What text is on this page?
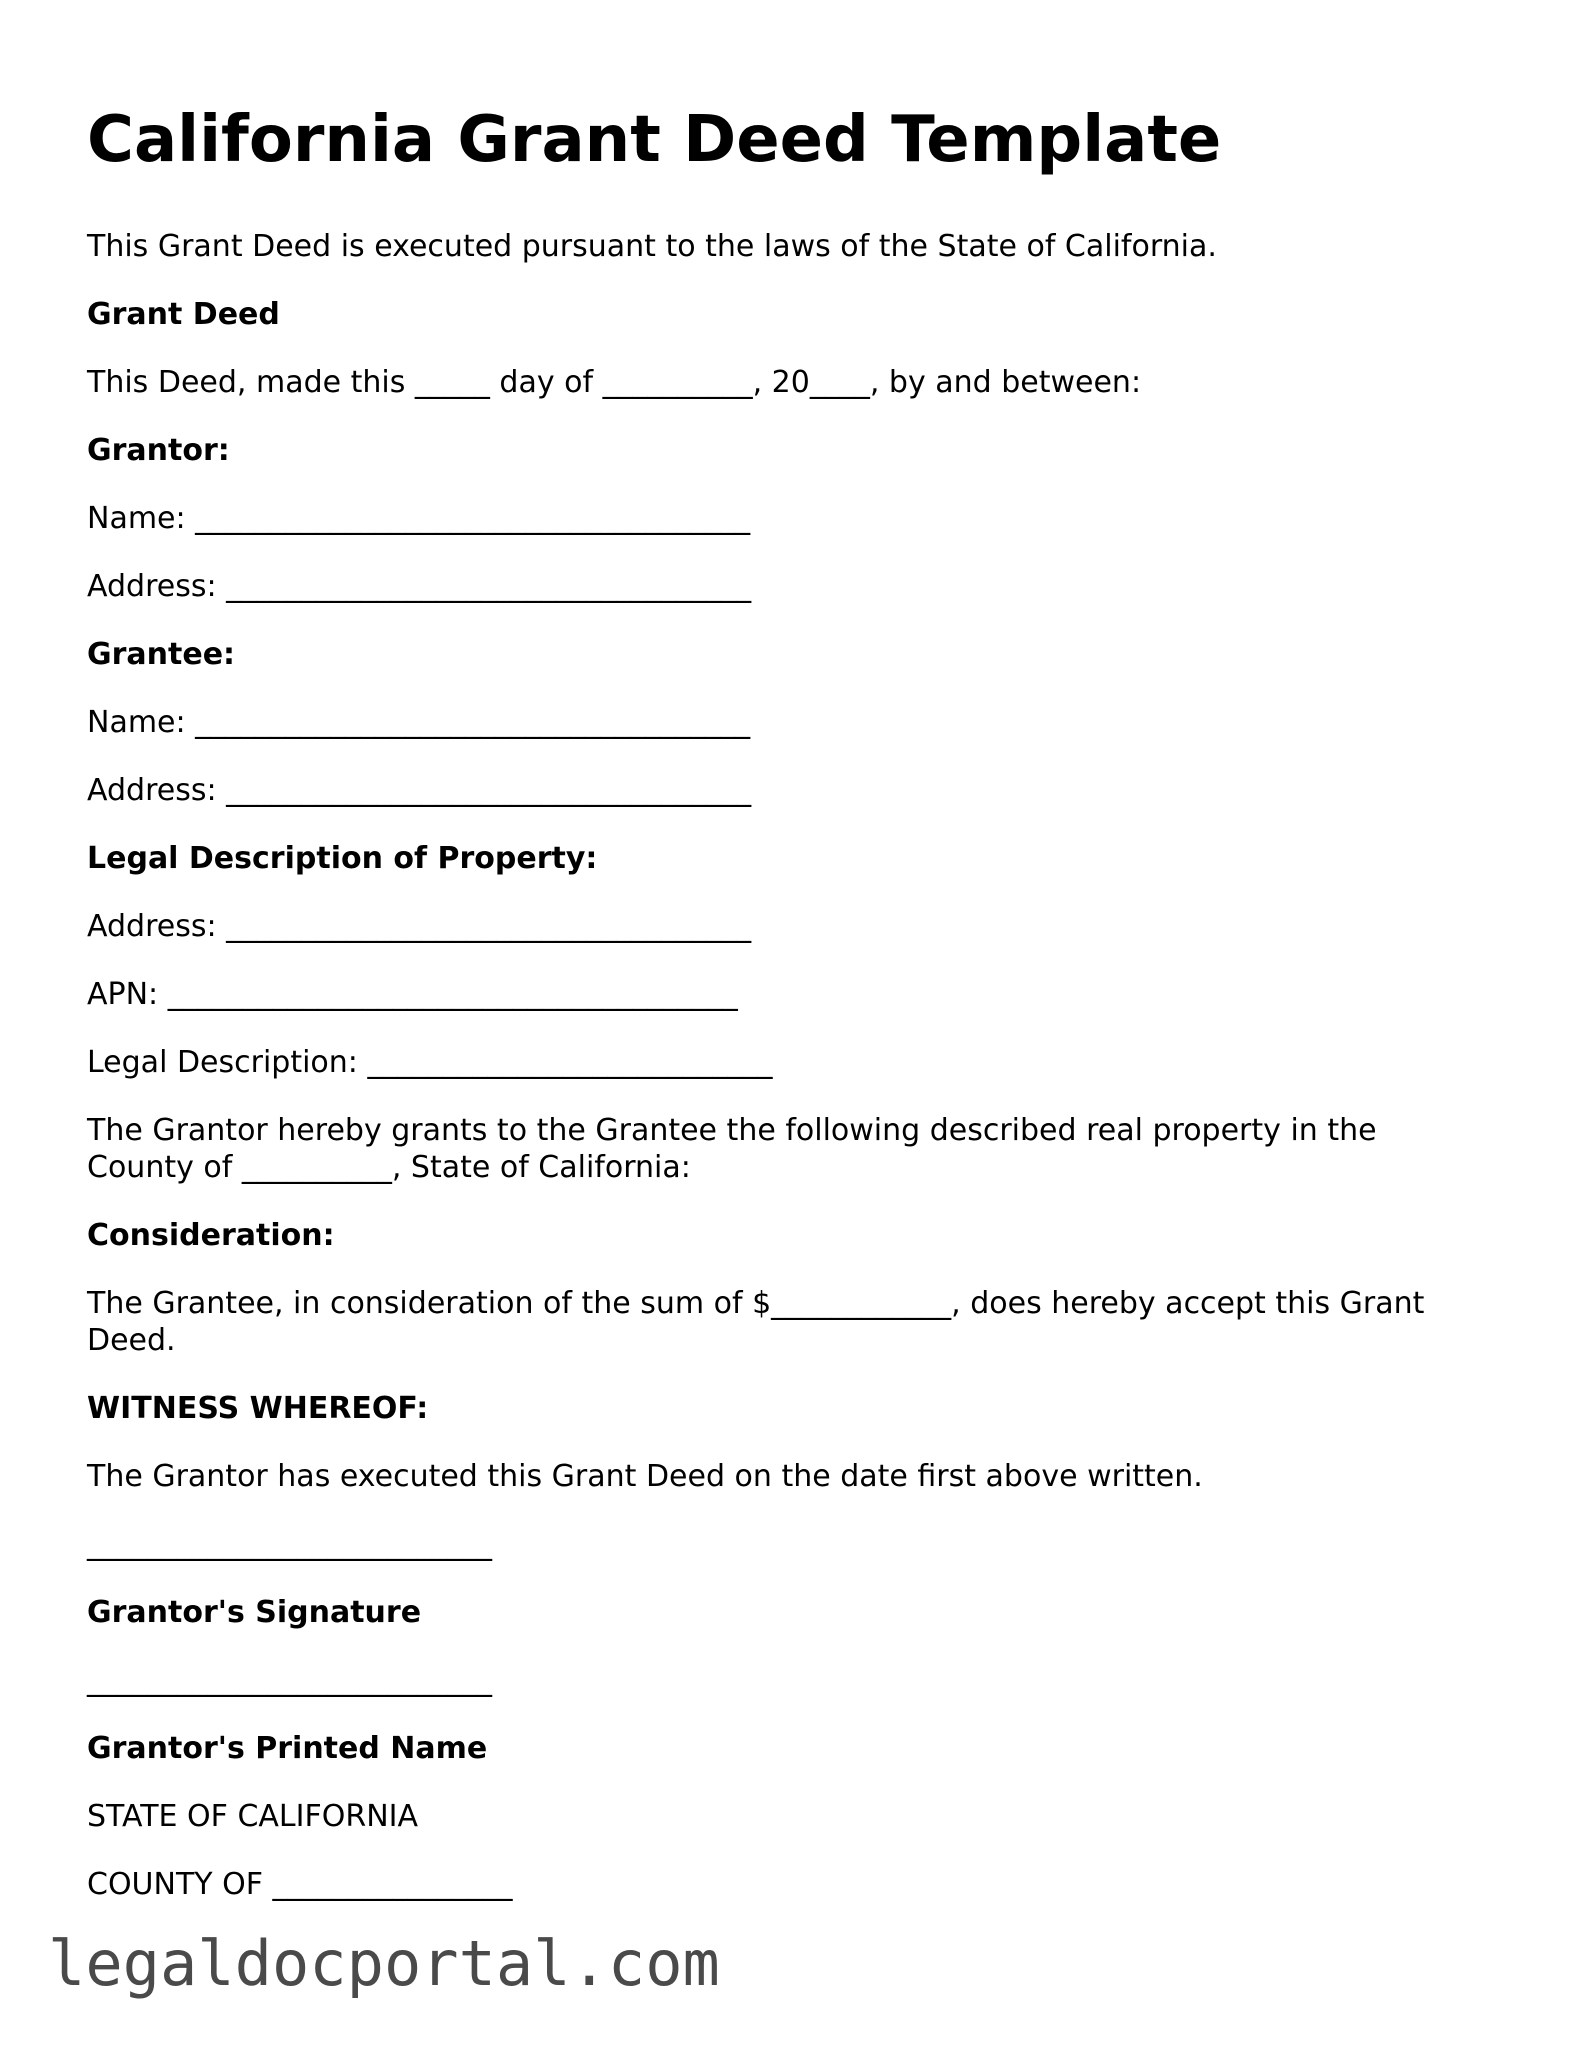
California Grant Deed Template

This Grant Deed is executed pursuant to the laws of the State of California.

Grant Deed

This Deed, made this _____ day of __________, 20____, by and between:

Grantor:

Name: _____________________________________

Address: ___________________________________

Grantee:

Name: _____________________________________

Address: ___________________________________

Legal Description of Property:

Address: ___________________________________

APN: ______________________________________

Legal Description: ___________________________

The Grantor hereby grants to the Grantee the following described real property in the County of __________, State of California:

Consideration:

The Grantee, in consideration of the sum of $____________, does hereby accept this Grant Deed.

WITNESS WHEREOF:

The Grantor has executed this Grant Deed on the date first above written.

___________________________

Grantor's Signature

___________________________

Grantor's Printed Name

STATE OF CALIFORNIA

COUNTY OF ________________

legaldocportal.com
